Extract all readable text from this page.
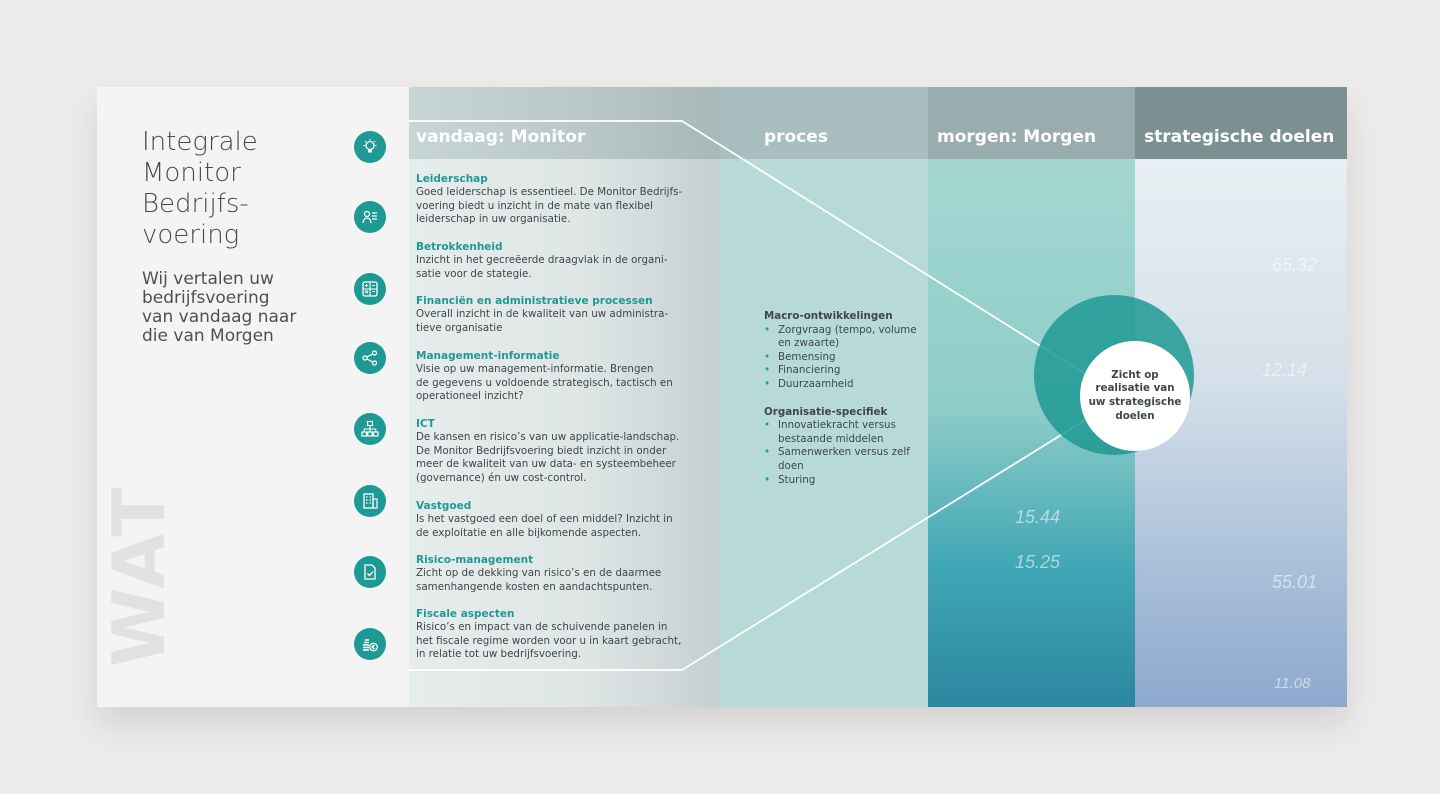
Integrale
Monitor
Bedrijfs-
voering
Wij vertalen uw
bedrijfsvoering
van vandaag naar
die van Morgen
WAT	15.44
15.25
65.32
12.14
55.01
11.08
vandaag: Monitor	proces	morgen: Morgen	strategische doelen
Leiderschap
Goed leiderschap is essentieel. De Monitor Bedrijfs-
voering biedt u inzicht in de mate van flexibel
leiderschap in uw organisatie.
Betrokkenheid
Inzicht in het gecreëerde draagvlak in de organi-
satie voor de stategie.
Financiën en administratieve processen
Overall inzicht in de kwaliteit van uw administra-
tieve organisatie
Management-informatie
Visie op uw management-informatie. Brengen
de gegevens u voldoende strategisch, tactisch en
operationeel inzicht?
ICT
De kansen en risico’s van uw applicatie-landschap.
De Monitor Bedrijfsvoering biedt inzicht in onder
meer de kwaliteit van uw data- en systeembeheer
(governance) én uw cost-control.
Vastgoed
Is het vastgoed een doel of een middel? Inzicht in
de exploitatie en alle bijkomende aspecten.
Risico-management
Zicht op de dekking van risico’s en de daarmee
samenhangende kosten en aandachtspunten.
Fiscale aspecten
Risico’s en impact van de schuivende panelen in
het fiscale regime worden voor u in kaart gebracht,
in relatie tot uw bedrijfsvoering.
Macro-ontwikkelingen
• Zorgvraag (tempo, volume en zwaarte)
• Bemensing
• Financiering
• Duurzaamheid
Organisatie-specifiek
• Innovatiekracht versus bestaande middelen
• Samenwerken versus zelf doen
• Sturing
Zicht op
realisatie van
uw strategische
doelen
